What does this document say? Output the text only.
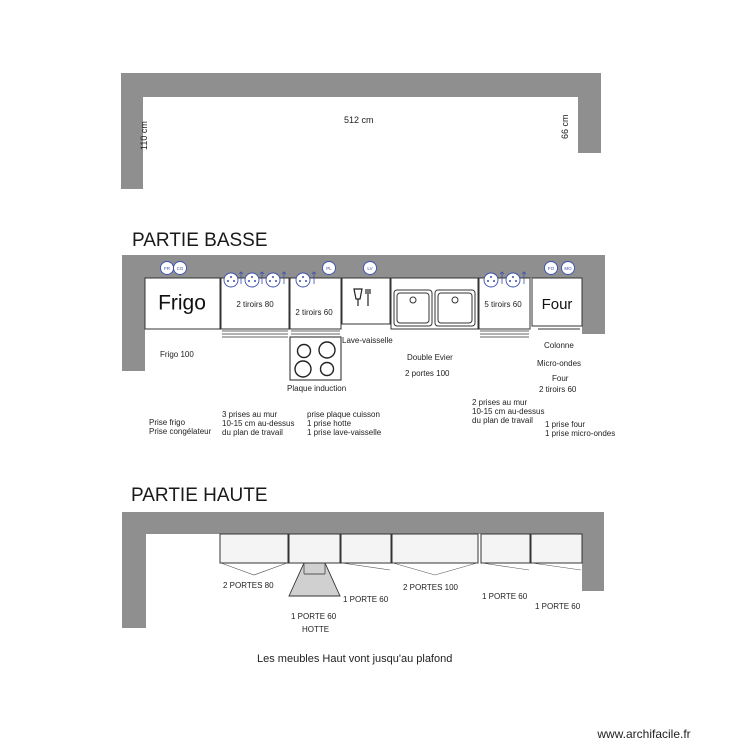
Frigo	2 tiroirs 80
2 tiroirs 60
5 tiroirs 60 Four
FR CG	PL	LV	FO MO
www.archifacile.fr
512 cm
110 cm	66 cm
PARTIE BASSE
Frigo 100
Plaque induction
Lave-vaisselle
Double Evier
2 portes 100
Colonne
Micro-ondes
Four
2 tiroirs 60
Prise frigo
Prise congélateur
3 prises au mur
10-15 cm au-dessus
du plan de travail
prise plaque cuisson
1 prise hotte
1 prise lave-vaisselle
2 prises au mur
10-15 cm au-dessus
du plan de travail	1 prise four
1 prise micro-ondes
PARTIE HAUTE
2 PORTES 80
1 PORTE 60
HOTTE
1 PORTE 60
2 PORTES 100
1 PORTE 60
1 PORTE 60
Les meubles Haut vont jusqu'au plafond
